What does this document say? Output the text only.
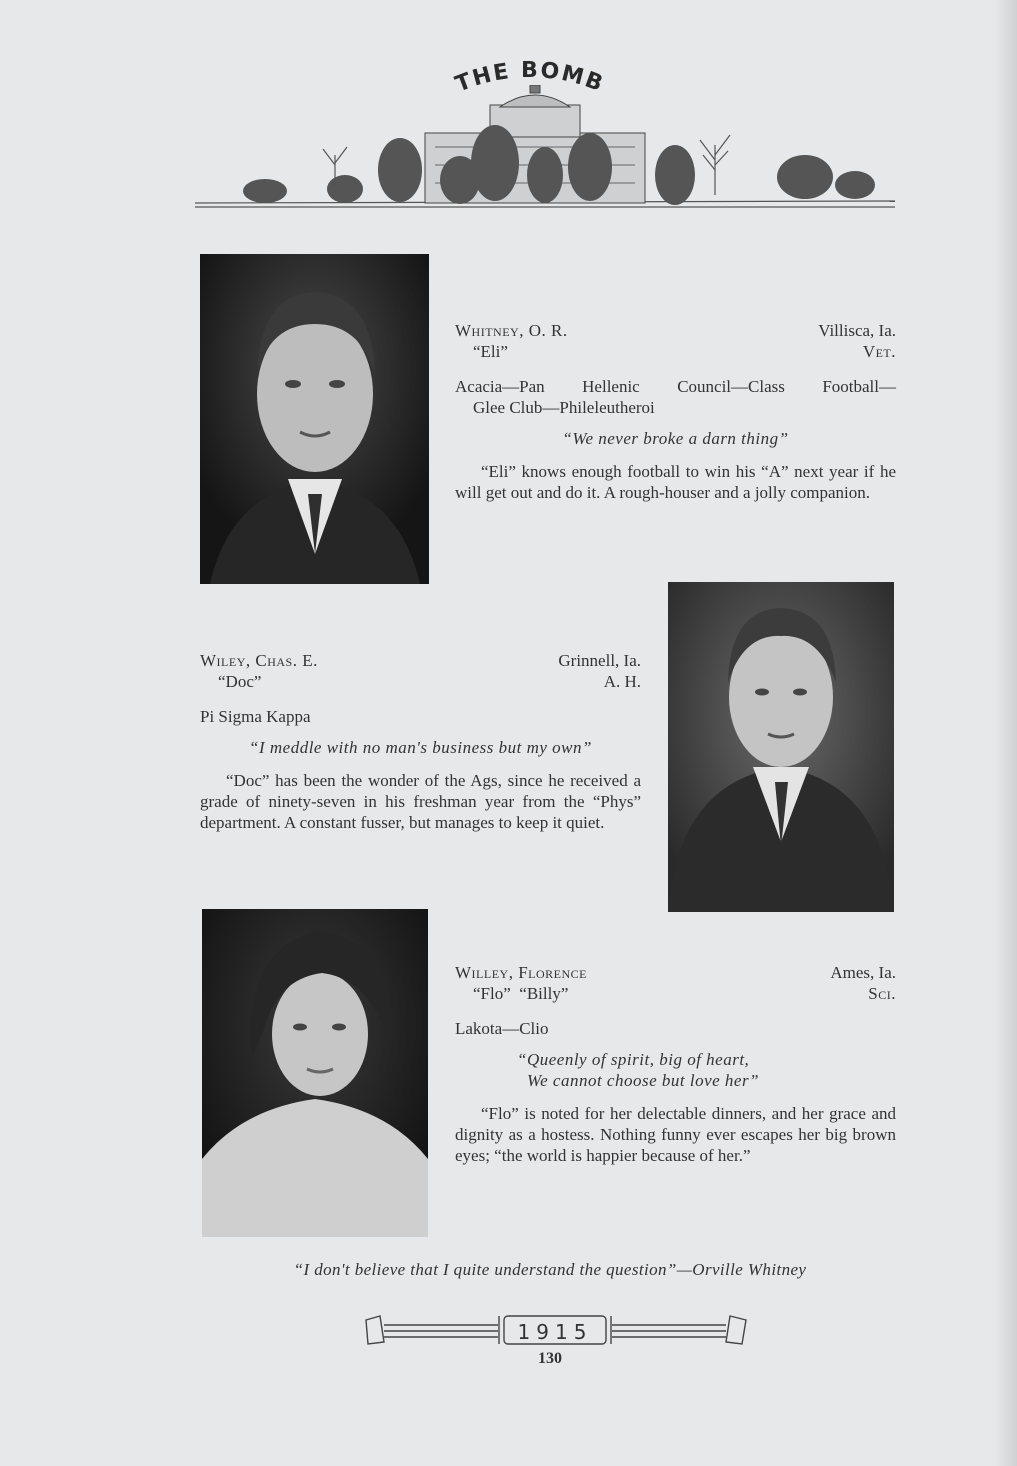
THE BOMB
Whitney, O. R.	Villisca, Ia.
“Eli”	Vet.
Acacia—Pan Hellenic Council—Class Football—
Glee Club—Phileleutheroi
“We never broke a darn thing”
“Eli” knows enough football to win his “A” next year if he will get out and do it. A rough-houser and a jolly companion.
Wiley, Chas. E.	Grinnell, Ia.
“Doc”	A. H.
Pi Sigma Kappa
“I meddle with no man's business but my own”
“Doc” has been the wonder of the Ags, since he received a grade of ninety-seven in his freshman year from the “Phys” department. A constant fusser, but manages to keep it quiet.
Willey, Florence	Ames, Ia.
“Flo”  “Billy”	Sci.
Lakota—Clio
“Queenly of spirit, big of heart,
We cannot choose but love her”
“Flo” is noted for her delectable dinners, and her grace and dignity as a hostess. Nothing funny ever escapes her big brown eyes; “the world is happier because of her.”
“I don't believe that I quite understand the question”—Orville Whitney
1915
130
